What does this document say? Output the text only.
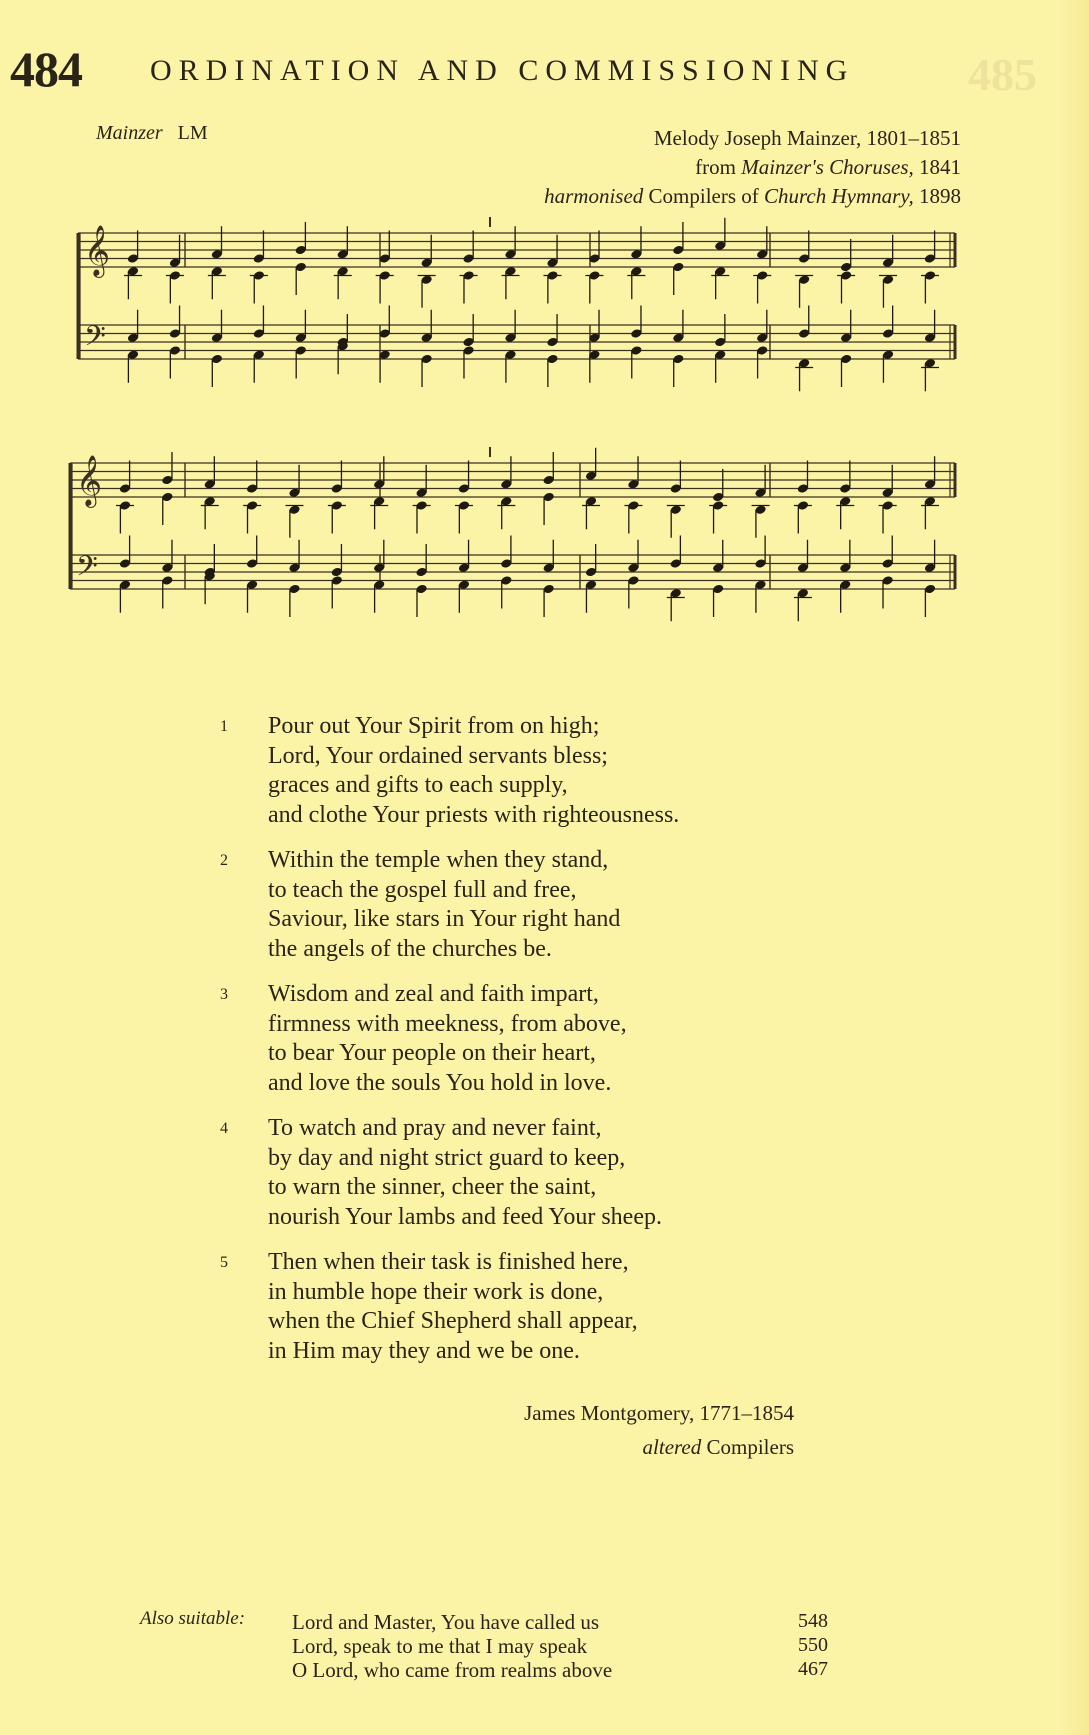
485
484 ORDINATION AND COMMISSIONING
Mainzer LM	Melody Joseph Mainzer, 1801–1851
from Mainzer's Choruses, 1841
harmonised Compilers of Church Hymnary, 1898
𝄞
𝄢
𝄞
𝄢
1	Pour out Your Spirit from on high;
Lord, Your ordained servants bless;
graces and gifts to each supply,
and clothe Your priests with righteousness.
2	Within the temple when they stand,
to teach the gospel full and free,
Saviour, like stars in Your right hand
the angels of the churches be.
3	Wisdom and zeal and faith impart,
firmness with meekness, from above,
to bear Your people on their heart,
and love the souls You hold in love.
4	To watch and pray and never faint,
by day and night strict guard to keep,
to warn the sinner, cheer the saint,
nourish Your lambs and feed Your sheep.
5	Then when their task is finished here,
in humble hope their work is done,
when the Chief Shepherd shall appear,
in Him may they and we be one.
James Montgomery, 1771–1854
altered Compilers
Also suitable: Lord and Master, You have called us	548
Lord, speak to me that I may speak	550
O Lord, who came from realms above	467
